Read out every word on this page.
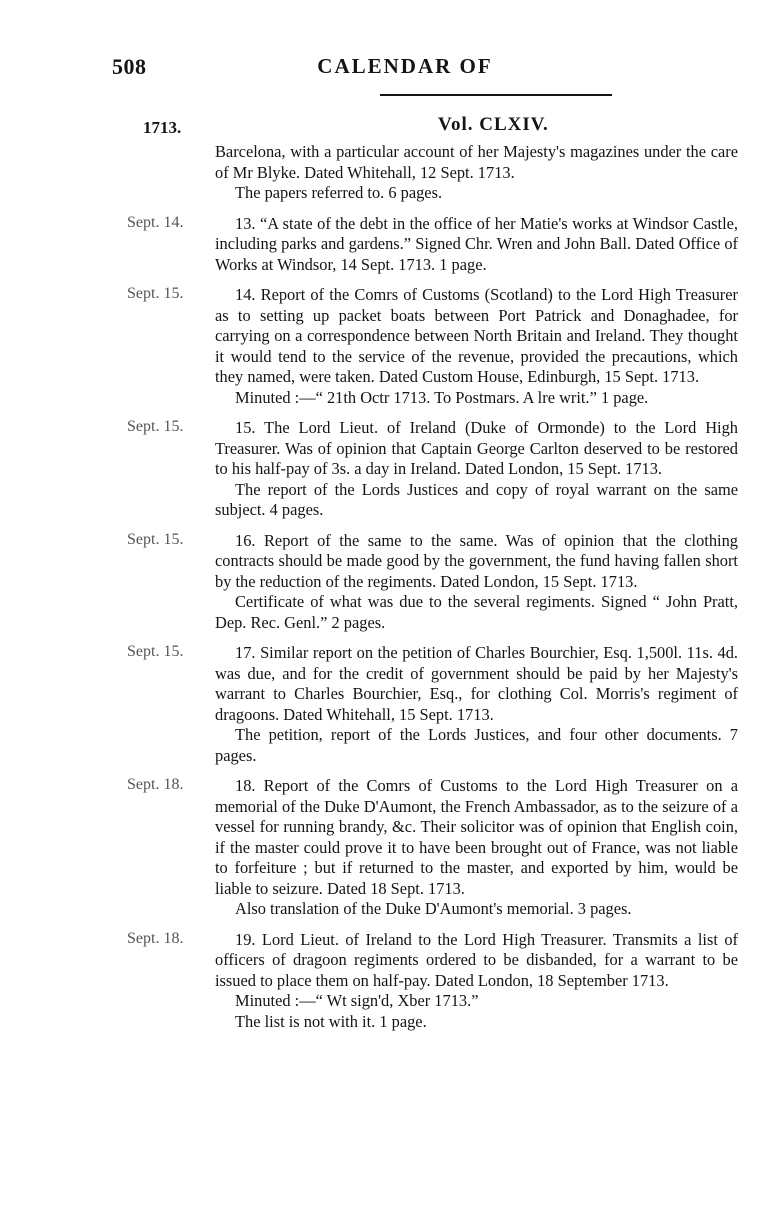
508	CALENDAR OF
1713.	Vol. CLXIV.

Barcelona, with a particular account of her Majesty's magazines under the care of Mr Blyke. Dated Whitehall, 12 Sept. 1713.

The papers referred to. 6 pages.

Sept. 14.	13. “A state of the debt in the office of her Matie's works at Windsor Castle, including parks and gardens.” Signed Chr. Wren and John Ball. Dated Office of Works at Windsor, 14 Sept. 1713. 1 page.

Sept. 15.	14. Report of the Comrs of Customs (Scotland) to the Lord High Treasurer as to setting up packet boats between Port Patrick and Donaghadee, for carrying on a correspondence between North Britain and Ireland. They thought it would tend to the service of the revenue, provided the precautions, which they named, were taken. Dated Custom House, Edinburgh, 15 Sept. 1713.

Minuted :—“ 21th Octr 1713. To Postmars. A lre writ.” 1 page.

Sept. 15.	15. The Lord Lieut. of Ireland (Duke of Ormonde) to the Lord High Treasurer. Was of opinion that Captain George Carlton deserved to be restored to his half-pay of 3s. a day in Ireland. Dated London, 15 Sept. 1713.

The report of the Lords Justices and copy of royal warrant on the same subject. 4 pages.

Sept. 15.	16. Report of the same to the same. Was of opinion that the clothing contracts should be made good by the government, the fund having fallen short by the reduction of the regiments. Dated London, 15 Sept. 1713.

Certificate of what was due to the several regiments. Signed “ John Pratt, Dep. Rec. Genl.” 2 pages.

Sept. 15.	17. Similar report on the petition of Charles Bourchier, Esq. 1,500l. 11s. 4d. was due, and for the credit of government should be paid by her Majesty's warrant to Charles Bourchier, Esq., for clothing Col. Morris's regiment of dragoons. Dated Whitehall, 15 Sept. 1713.

The petition, report of the Lords Justices, and four other documents. 7 pages.

Sept. 18.	18. Report of the Comrs of Customs to the Lord High Treasurer on a memorial of the Duke D'Aumont, the French Ambassador, as to the seizure of a vessel for running brandy, &c. Their solicitor was of opinion that English coin, if the master could prove it to have been brought out of France, was not liable to forfeiture ; but if returned to the master, and exported by him, would be liable to seizure. Dated 18 Sept. 1713.

Also translation of the Duke D'Aumont's memorial. 3 pages.

Sept. 18.	19. Lord Lieut. of Ireland to the Lord High Treasurer. Transmits a list of officers of dragoon regiments ordered to be disbanded, for a warrant to be issued to place them on half-pay. Dated London, 18 September 1713.

Minuted :—“ Wt sign'd, Xber 1713.”

The list is not with it. 1 page.
